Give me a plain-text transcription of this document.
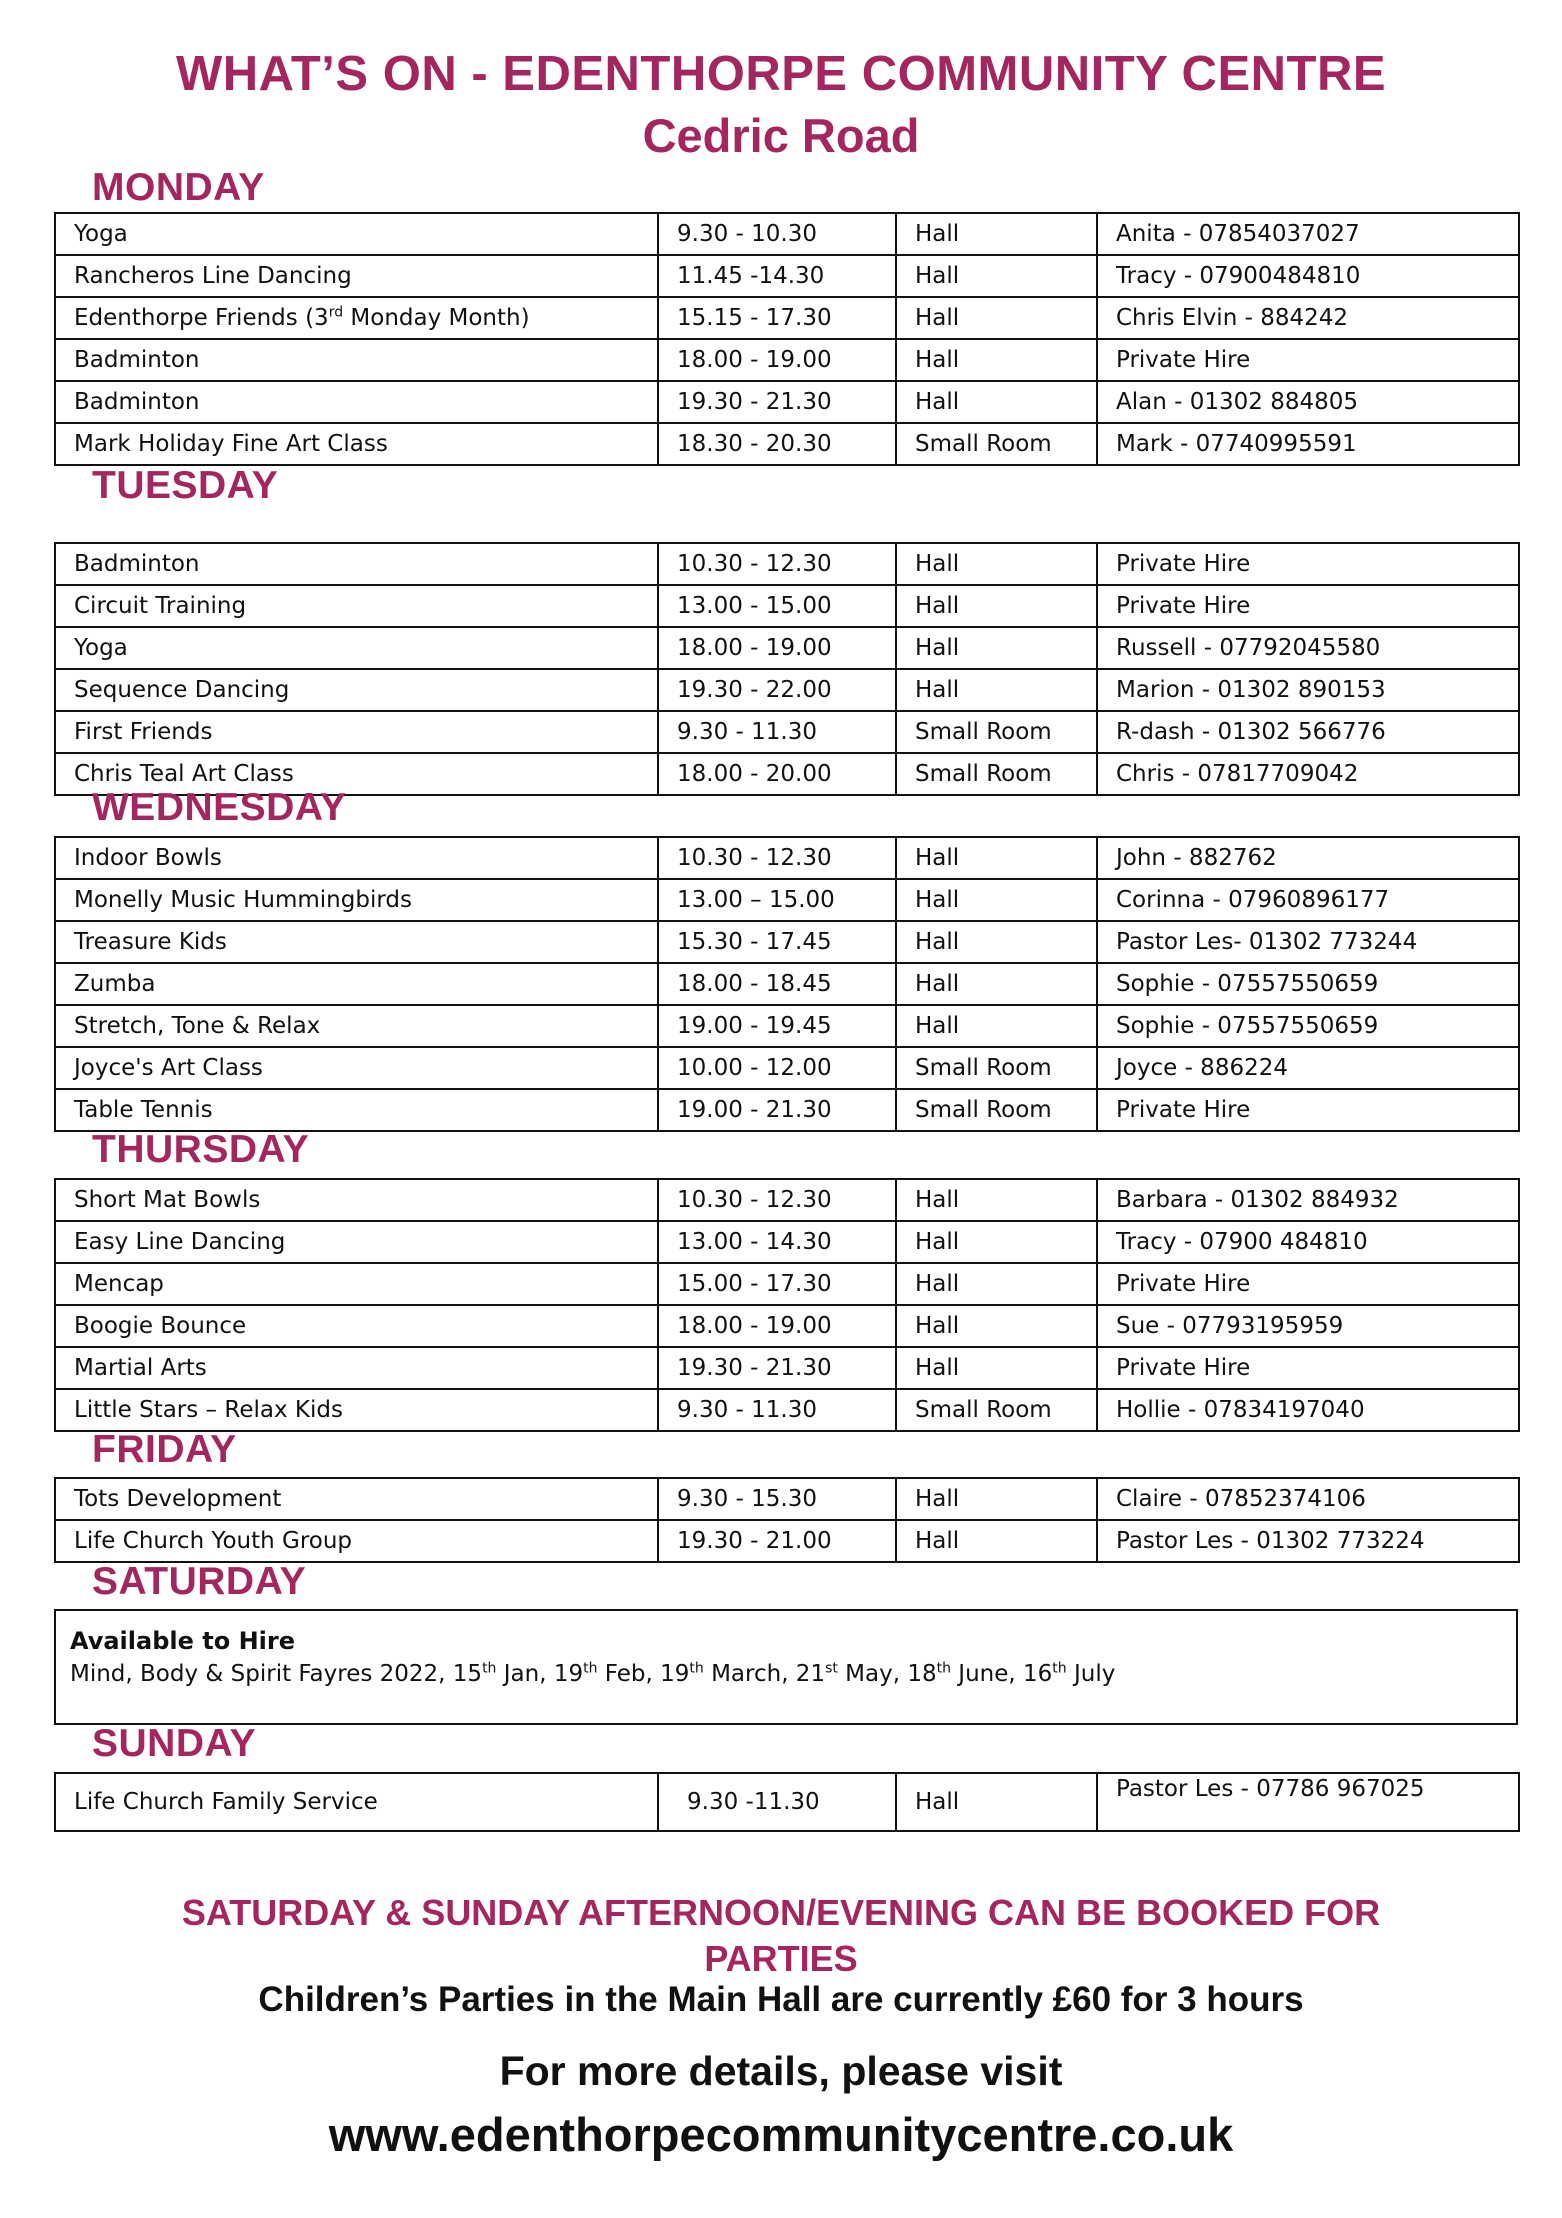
WHAT’S ON - EDENTHORPE COMMUNITY CENTRE
Cedric Road
MONDAY
Yoga	9.30 - 10.30	Hall	Anita - 07854037027
Rancheros Line Dancing	11.45 -14.30	Hall	Tracy - 07900484810
Edenthorpe Friends (3rd Monday Month)	15.15 - 17.30	Hall	Chris Elvin - 884242
Badminton	18.00 - 19.00	Hall	Private Hire
Badminton	19.30 - 21.30	Hall	Alan - 01302 884805
Mark Holiday Fine Art Class	18.30 - 20.30	Small Room	Mark - 07740995591
TUESDAY
Badminton	10.30 - 12.30	Hall	Private Hire
Circuit Training	13.00 - 15.00	Hall	Private Hire
Yoga	18.00 - 19.00	Hall	Russell - 07792045580
Sequence Dancing	19.30 - 22.00	Hall	Marion - 01302 890153
First Friends	9.30 - 11.30	Small Room	R-dash - 01302 566776
Chris Teal Art Class	18.00 - 20.00	Small Room	Chris - 07817709042
WEDNESDAY
Indoor Bowls	10.30 - 12.30	Hall	John - 882762
Monelly Music Hummingbirds	13.00 – 15.00	Hall	Corinna - 07960896177
Treasure Kids	15.30 - 17.45	Hall	Pastor Les- 01302 773244
Zumba	18.00 - 18.45	Hall	Sophie - 07557550659
Stretch, Tone & Relax	19.00 - 19.45	Hall	Sophie - 07557550659
Joyce's Art Class	10.00 - 12.00	Small Room	Joyce - 886224
Table Tennis	19.00 - 21.30	Small Room	Private Hire
THURSDAY
Short Mat Bowls	10.30 - 12.30	Hall	Barbara - 01302 884932
Easy Line Dancing	13.00 - 14.30	Hall	Tracy - 07900 484810
Mencap	15.00 - 17.30	Hall	Private Hire
Boogie Bounce	18.00 - 19.00	Hall	Sue - 07793195959
Martial Arts	19.30 - 21.30	Hall	Private Hire
Little Stars – Relax Kids	9.30 - 11.30	Small Room	Hollie - 07834197040
FRIDAY
Tots Development	9.30 - 15.30	Hall	Claire - 07852374106
Life Church Youth Group	19.30 - 21.00	Hall	Pastor Les - 01302 773224
SATURDAY
Available to Hire
Mind, Body & Spirit Fayres 2022, 15th Jan, 19th Feb, 19th March, 21st May, 18th June, 16th July
SUNDAY
Life Church Family Service	9.30 -11.30	Hall	Pastor Les - 07786 967025
SATURDAY & SUNDAY AFTERNOON/EVENING CAN BE BOOKED FOR
PARTIES
Children’s Parties in the Main Hall are currently £60 for 3 hours
For more details, please visit
www.edenthorpecommunitycentre.co.uk
